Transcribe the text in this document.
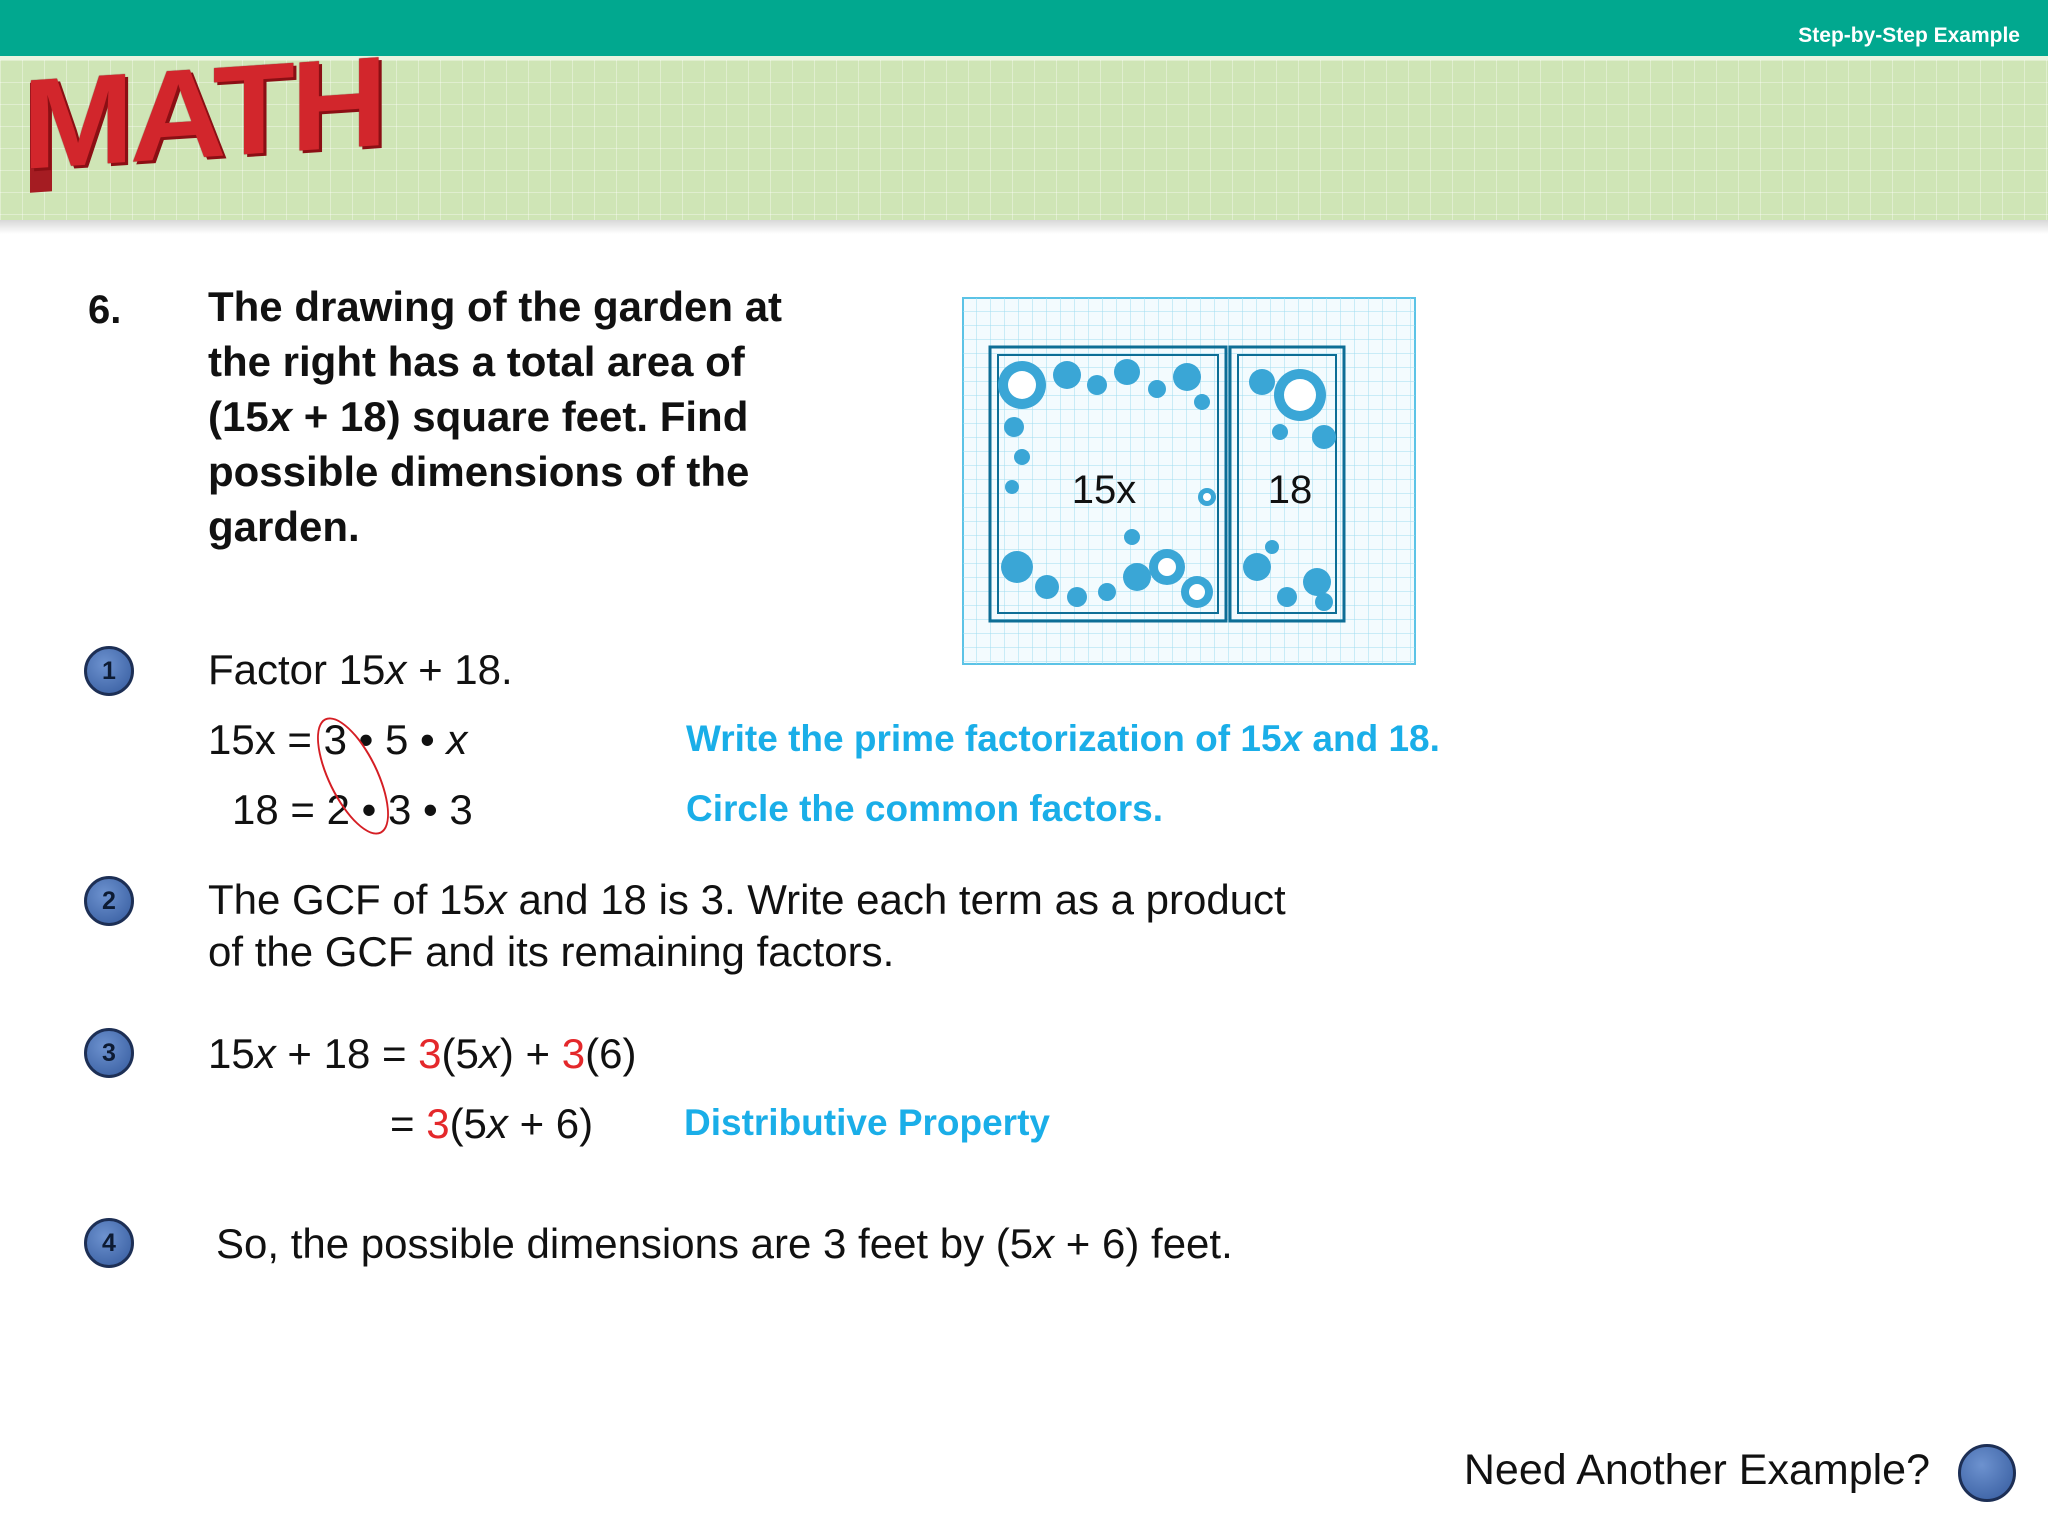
Step-by-Step Example
MATH
6. The drawing of the garden at
the right has a total area of
(15x + 18) square feet. Find
possible dimensions of the
garden.
15x	18
1	Factor 15x + 18.
15x = 3 • 5 • x
18 = 2 • 3 • 3
Write the prime factorization of 15x and 18.
Circle the common factors.
2	The GCF of 15x and 18 is 3. Write each term as a product
of the GCF and its remaining factors.
3	15x + 18 = 3(5x) + 3(6)
= 3(5x + 6) Distributive Property
4	So, the possible dimensions are 3 feet by (5x + 6) feet.
Need Another Example?
